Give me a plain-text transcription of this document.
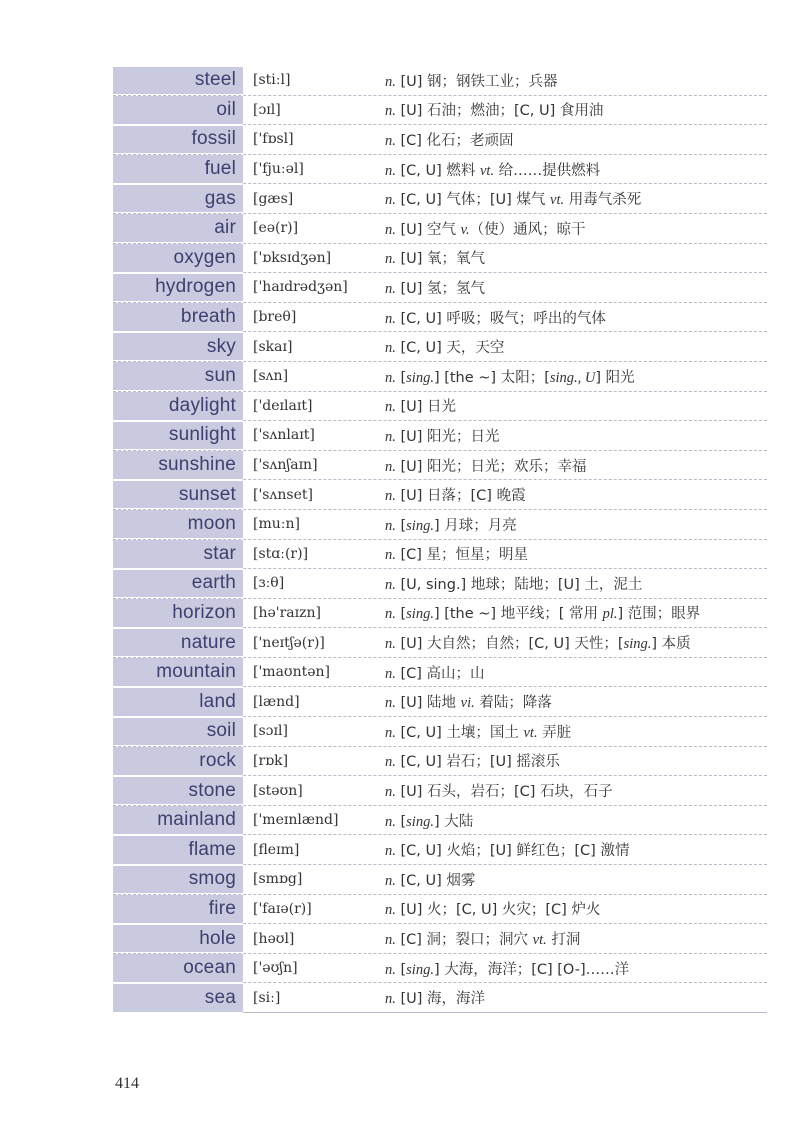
steel	[stiːl]	n. [U] 钢；钢铁工业；兵器
oil	[ɔɪl]	n. [U] 石油；燃油；[C, U] 食用油
fossil	['fɒsl]	n. [C] 化石；老顽固
fuel	['fjuːəl]	n. [C, U] 燃料 vt. 给……提供燃料
gas	[gæs]	n. [C, U] 气体；[U] 煤气 vt. 用毒气杀死
air	[eə(r)]	n. [U] 空气 v.（使）通风；晾干
oxygen	['ɒksɪdʒən]	n. [U] 氧；氧气
hydrogen	['haɪdrədʒən]	n. [U] 氢；氢气
breath	[breθ]	n. [C, U] 呼吸；吸气；呼出的气体
sky	[skaɪ]	n. [C, U] 天，天空
sun	[sʌn]	n. [sing.] [the ~] 太阳；[sing., U] 阳光
daylight	['deɪlaɪt]	n. [U] 日光
sunlight	['sʌnlaɪt]	n. [U] 阳光；日光
sunshine	['sʌnʃaɪn]	n. [U] 阳光；日光；欢乐；幸福
sunset	['sʌnset]	n. [U] 日落；[C] 晚霞
moon	[muːn]	n. [sing.] 月球；月亮
star	[stɑː(r)]	n. [C] 星；恒星；明星
earth	[ɜːθ]	n. [U, sing.] 地球；陆地；[U] 土，泥土
horizon	[hə'raɪzn]	n. [sing.] [the ~] 地平线；[ 常用 pl.] 范围；眼界
nature	['neɪtʃə(r)]	n. [U] 大自然；自然；[C, U] 天性；[sing.] 本质
mountain	['maʊntən]	n. [C] 高山；山
land	[lænd]	n. [U] 陆地 vi. 着陆；降落
soil	[sɔɪl]	n. [C, U] 土壤；国土 vt. 弄脏
rock	[rɒk]	n. [C, U] 岩石；[U] 摇滚乐
stone	[stəʊn]	n. [U] 石头，岩石；[C] 石块，石子
mainland	['meɪnlænd]	n. [sing.] 大陆
flame	[fleɪm]	n. [C, U] 火焰；[U] 鲜红色；[C] 激情
smog	[smɒg]	n. [C, U] 烟雾
fire	['faɪə(r)]	n. [U] 火；[C, U] 火灾；[C] 炉火
hole	[həʊl]	n. [C] 洞；裂口；洞穴 vt. 打洞
ocean	['əʊʃn]	n. [sing.] 大海，海洋；[C] [O-]……洋
sea	[siː]	n. [U] 海，海洋
414
